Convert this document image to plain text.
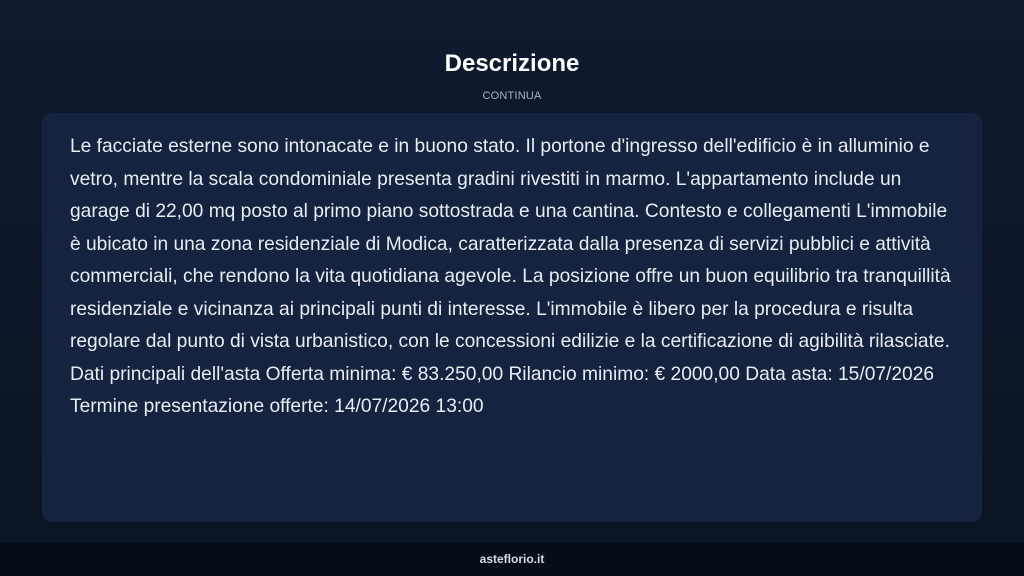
Descrizione
CONTINUA

Le facciate esterne sono intonacate e in buono stato. Il portone d'ingresso dell'edificio è in alluminio e vetro, mentre la scala condominiale presenta gradini rivestiti in marmo. L'appartamento include un garage di 22,00 mq posto al primo piano sottostrada e una cantina. Contesto e collegamenti L'immobile è ubicato in una zona residenziale di Modica, caratterizzata dalla presenza di servizi pubblici e attività commerciali, che rendono la vita quotidiana agevole. La posizione offre un buon equilibrio tra tranquillità residenziale e vicinanza ai principali punti di interesse. L'immobile è libero per la procedura e risulta regolare dal punto di vista urbanistico, con le concessioni edilizie e la certificazione di agibilità rilasciate. Dati principali dell'asta Offerta minima: € 83.250,00 Rilancio minimo: € 2000,00 Data asta: 15/07/2026 Termine presentazione offerte: 14/07/2026 13:00

asteflorio.it
